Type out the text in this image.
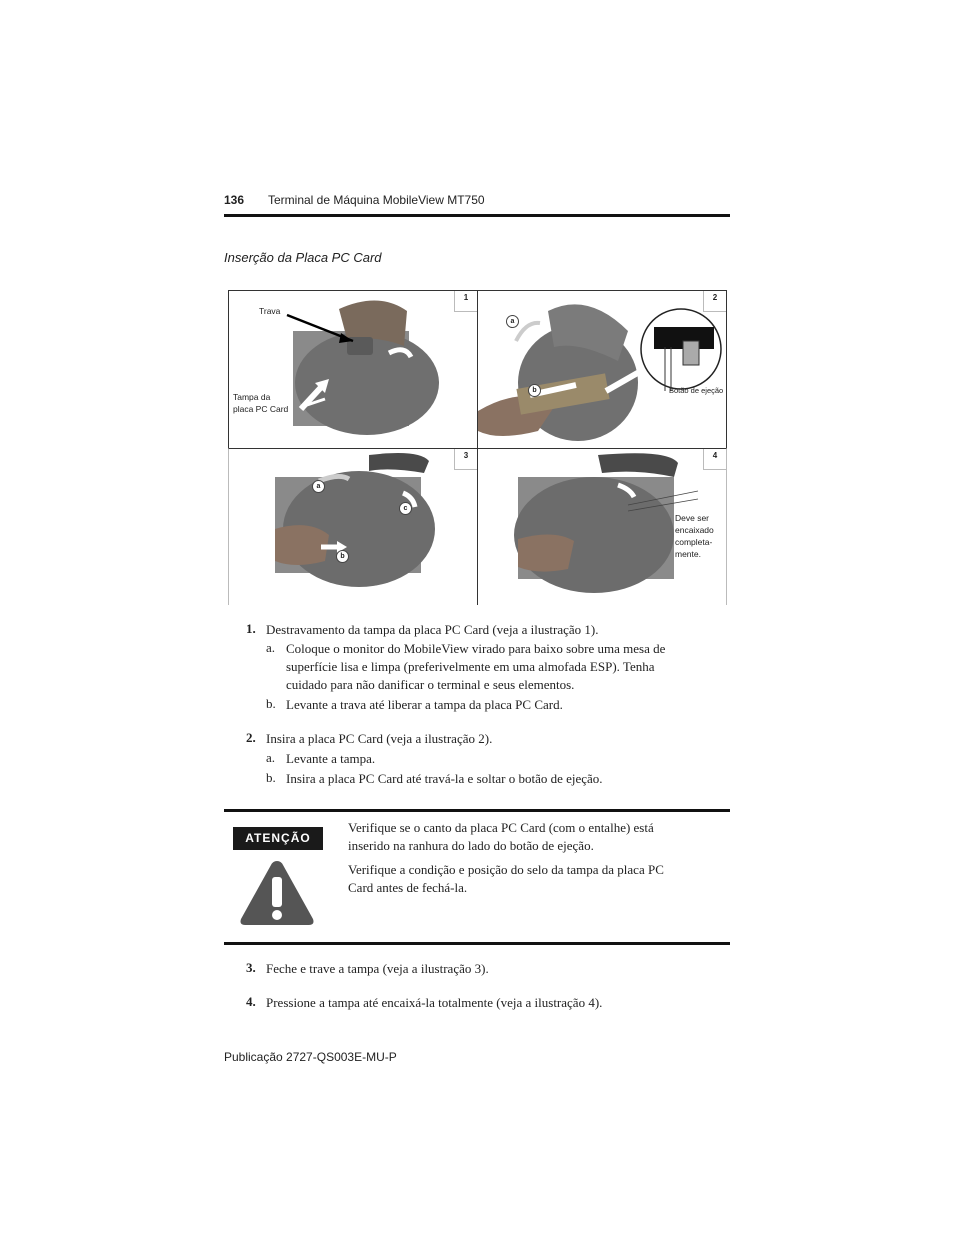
136 Terminal de Máquina MobileView MT750
Inserção da Placa PC Card
1
Trava
Tampa da
placa PC Card
2
a
b	Botão de ejeção
3
a
b
c
4
Deve ser
encaixado
completa-
mente.
1. Destravamento da tampa da placa PC Card (veja a ilustração 1).
a. Coloque o monitor do MobileView virado para baixo sobre uma mesa de
superfície lisa e limpa (preferivelmente em uma almofada ESP). Tenha
cuidado para não danificar o terminal e seus elementos.
b. Levante a trava até liberar a tampa da placa PC Card.
2. Insira a placa PC Card (veja a ilustração 2).
a. Levante a tampa.
b. Insira a placa PC Card até travá-la e soltar o botão de ejeção.
ATENÇÃO
Verifique se o canto da placa PC Card (com o entalhe) está
inserido na ranhura do lado do botão de ejeção.
Verifique a condição e posição do selo da tampa da placa PC
Card antes de fechá-la.
3. Feche e trave a tampa (veja a ilustração 3).
4. Pressione a tampa até encaixá-la totalmente (veja a ilustração 4).
Publicação 2727-QS003E-MU-P
